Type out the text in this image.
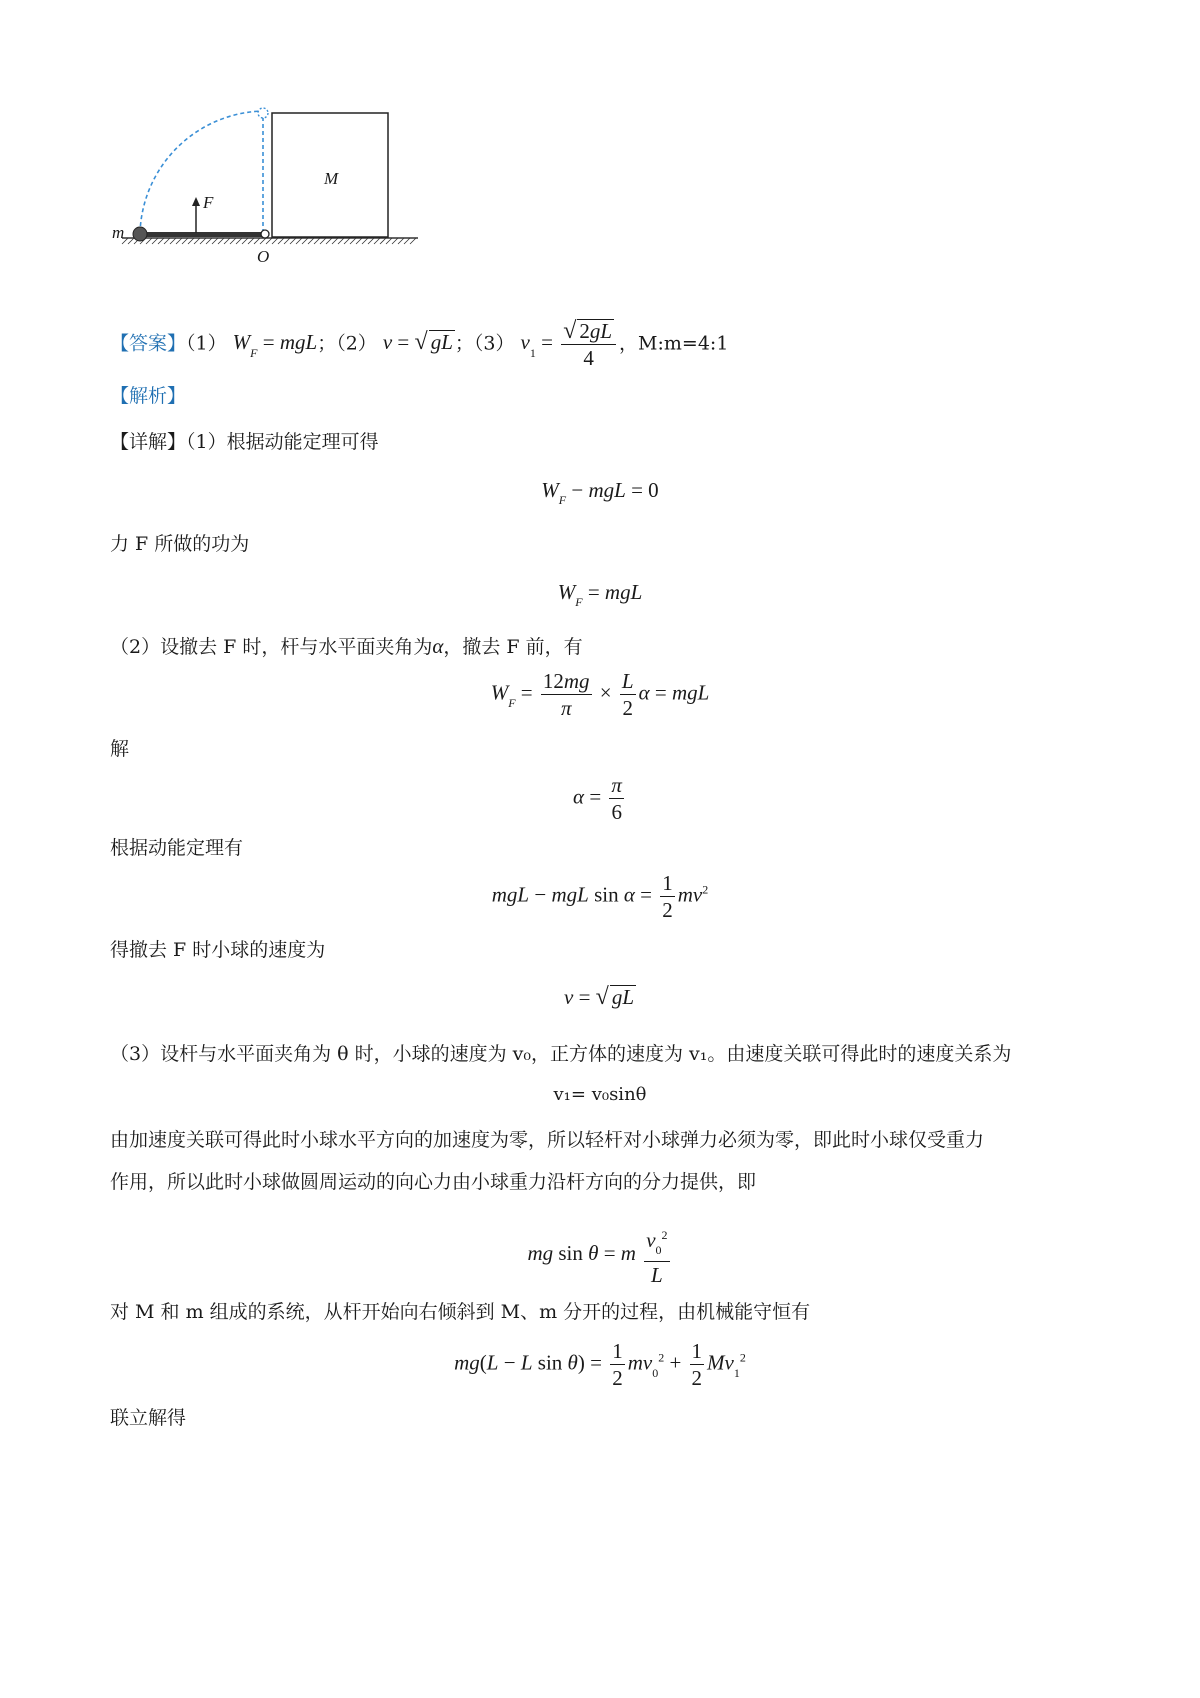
m
F
O
M
【答案】（1） $W_F$ = mgL；（2） v = √ gL ；（3） $v_1 = \frac{√ 2gL}{4}$ ，M:m=4:1
【解析】
【详解】（1）根据动能定理可得
$W_F$ − mgL = 0
力 F 所做的功为
$W_F$ = mgL
（2）设撤去 F 时，杆与水平面夹角为α，撤去 F 前，有
$W_F = \frac{12mg}{\pi} \times \frac{L}{2}$ α = mgL
解
$\alpha = \frac{\pi}{6}$
根据动能定理有
mgL − mgL $\sin \alpha = \frac{1}{2} mv^2$
得撤去 F 时小球的速度为
v = √ gL
（3）设杆与水平面夹角为 θ 时，小球的速度为 v₀，正方体的速度为 v₁。由速度关联可得此时的速度关系为
v₁= v₀sinθ
由加速度关联可得此时小球水平方向的加速度为零，所以轻杆对小球弹力必须为零，即此时小球仅受重力
作用，所以此时小球做圆周运动的向心力由小球重力沿杆方向的分力提供，即
mg sin θ = m $\frac{v_0^2}{L}$
对 M 和 m 组成的系统，从杆开始向右倾斜到 M、m 分开的过程，由机械能守恒有
mg(L − L $\sin \theta) = \frac{1}{2} mv_0^2 + \frac{1}{2} Mv_1^2$
联立解得
